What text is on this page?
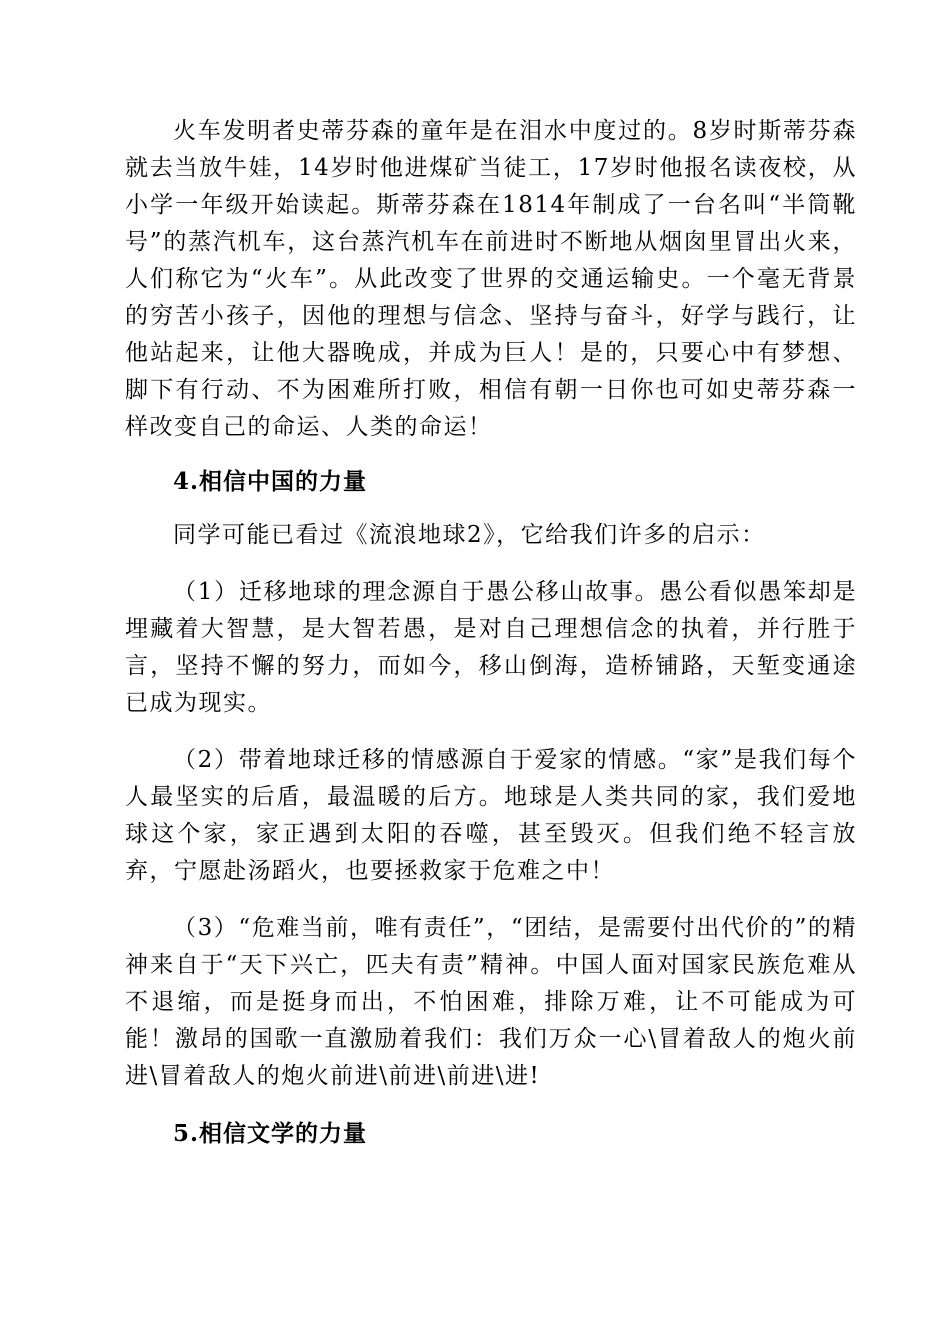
火车发明者史蒂芬森的童年是在泪水中度过的。8岁时斯蒂芬森就去当放牛娃，14岁时他进煤矿当徒工，17岁时他报名读夜校，从小学一年级开始读起。斯蒂芬森在1814年制成了一台名叫“半筒靴号”的蒸汽机车，这台蒸汽机车在前进时不断地从烟囱里冒出火来，人们称它为“火车”。从此改变了世界的交通运输史。一个毫无背景的穷苦小孩子，因他的理想与信念、坚持与奋斗，好学与践行，让他站起来，让他大器晚成，并成为巨人！是的，只要心中有梦想、脚下有行动、不为困难所打败，相信有朝一日你也可如史蒂芬森一样改变自己的命运、人类的命运！

4.相信中国的力量

同学可能已看过《流浪地球2》，它给我们许多的启示：

（1）迁移地球的理念源自于愚公移山故事。愚公看似愚笨却是埋藏着大智慧，是大智若愚，是对自己理想信念的执着，并行胜于言，坚持不懈的努力，而如今，移山倒海，造桥铺路，天堑变通途已成为现实。

（2）带着地球迁移的情感源自于爱家的情感。“家”是我们每个人最坚实的后盾，最温暖的后方。地球是人类共同的家，我们爱地球这个家，家正遇到太阳的吞噬，甚至毁灭。但我们绝不轻言放弃，宁愿赴汤蹈火，也要拯救家于危难之中！

（3）“危难当前，唯有责任”，“团结，是需要付出代价的”的精神来自于“天下兴亡，匹夫有责”精神。中国人面对国家民族危难从不退缩，而是挺身而出，不怕困难，排除万难，让不可能成为可能！激昂的国歌一直激励着我们：我们万众一心\冒着敌人的炮火前进\冒着敌人的炮火前进\前进\前进\进!

5.相信文学的力量
